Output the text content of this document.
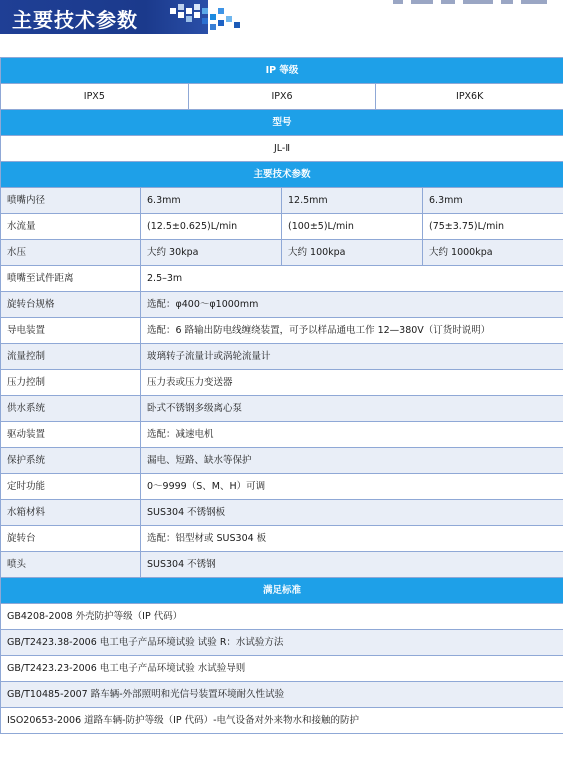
主要技术参数
IP 等级			

IPX5 IPX6 IPX6K			

型号			
JL-Ⅱ			
主要技术参数			
喷嘴内径	6.3mm	12.5mm	6.3mm
水流量	(12.5±0.625)L/min	(100±5)L/min	(75±3.75)L/min
水压	大约 30kpa	大约 100kpa	大约 1000kpa
喷嘴至试件距离	2.5–3m		
旋转台规格	选配：φ400～φ1000mm		
导电装置	选配：6 路输出防电线缠绕装置，可予以样品通电工作 12—380V（订货时说明）		
流量控制	玻璃转子流量计或涡轮流量计		
压力控制	压力表或压力变送器		
供水系统	卧式不锈钢多级离心泵		
驱动装置	选配：减速电机		
保护系统	漏电、短路、缺水等保护		
定时功能	0～9999（S、M、H）可调		
水箱材料	SUS304 不锈钢板		
旋转台	选配：铝型材或 SUS304 板		
喷头	SUS304 不锈钢		
满足标准			
GB4208-2008 外壳防护等级（IP 代码）			
GB/T2423.38-2006 电工电子产品环境试验 试验 R：水试验方法			
GB/T2423.23-2006 电工电子产品环境试验 水试验导则			
GB/T10485-2007 路车辆-外部照明和光信号装置环境耐久性试验			
ISO20653-2006 道路车辆-防护等级（IP 代码）-电气设备对外来物水和接触的防护			
